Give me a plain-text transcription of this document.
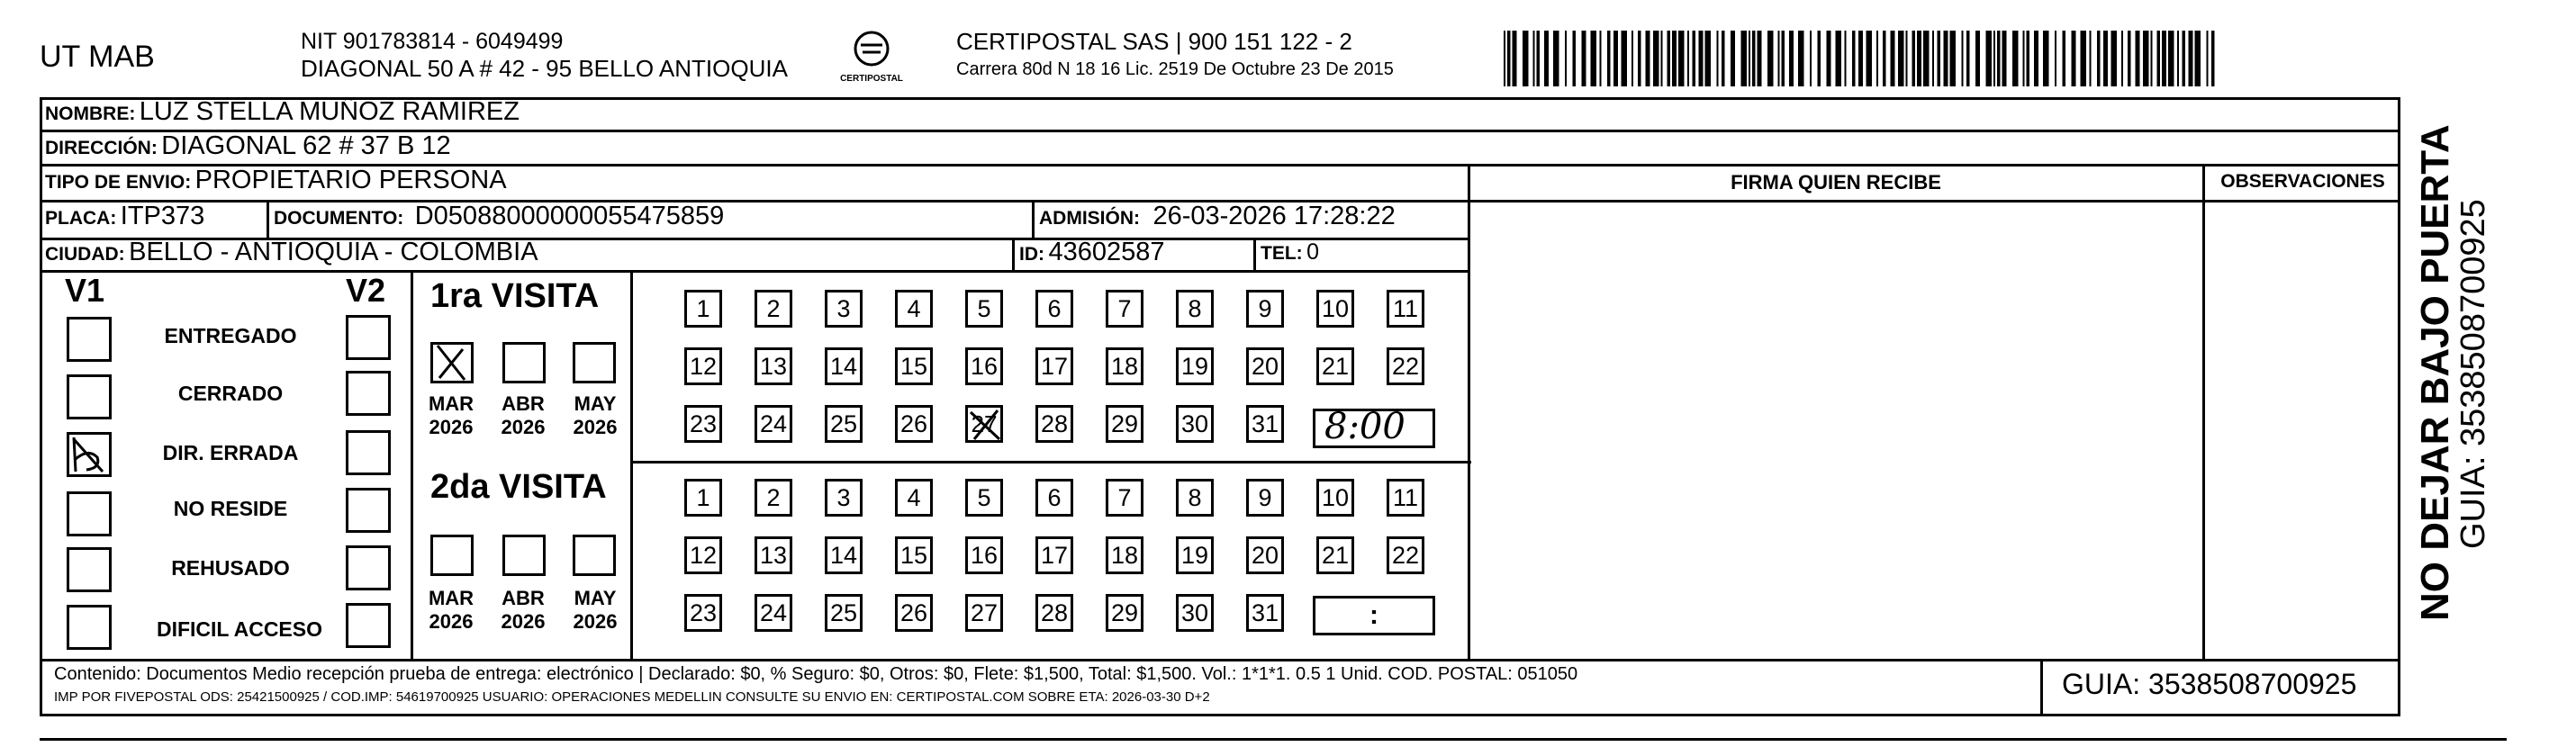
UT MAB	NIT 901783814 - 6049499
DIAGONAL 50 A # 42 - 95 BELLO ANTIOQUIA	CERTIPOSTAL
CERTIPOSTAL SAS | 900 151 122 - 2
Carrera 80d N 18 16 Lic. 2519 De Octubre 23 De 2015
NOMBRE: LUZ STELLA MUÑOZ RAMIREZ
DIRECCIÓN: DIAGONAL 62 # 37 B 12
TIPO DE ENVIO: PROPIETARIO PERSONA	FIRMA QUIEN RECIBE	OBSERVACIONES
PLACA: ITP373	DOCUMENTO: D05088000000055475859	ADMISIÓN: 26-03-2026 17:28:22
CIUDAD: BELLO - ANTIOQUIA - COLOMBIA	ID: 43602587	TEL: 0
V1	V2
ENTREGADO
CERRADO
DIR. ERRADA
NO RESIDE
REHUSADO
DIFICIL ACCESO
1ra VISITA
MAR
2026
ABR
2026
MAY
2026
1	2	3	4	5	6	7	8	9	10 11
12 13 14 15 16 17 18 19 20 21 22
23 24 25 26 27 28 29 30 31 8:00
2da VISITA
MAR
2026
ABR
2026
MAY
2026
1	2	3	4	5	6	7	8	9	10 11
12 13 14 15 16 17 18 19 20 21 22
23 24 25 26 27 28 29 30 31	:
Contenido: Documentos Medio recepción prueba de entrega: electrónico | Declarado: $0, % Seguro: $0, Otros: $0, Flete: $1,500, Total: $1,500. Vol.: 1*1*1. 0.5 1 Unid. COD. POSTAL: 051050
IMP POR FIVEPOSTAL ODS: 25421500925 / COD.IMP: 54619700925 USUARIO: OPERACIONES MEDELLIN CONSULTE SU ENVIO EN: CERTIPOSTAL.COM SOBRE ETA: 2026-03-30 D+2	GUIA: 3538508700925
NO DEJAR BAJO PUERTA
GUIA: 3538508700925
